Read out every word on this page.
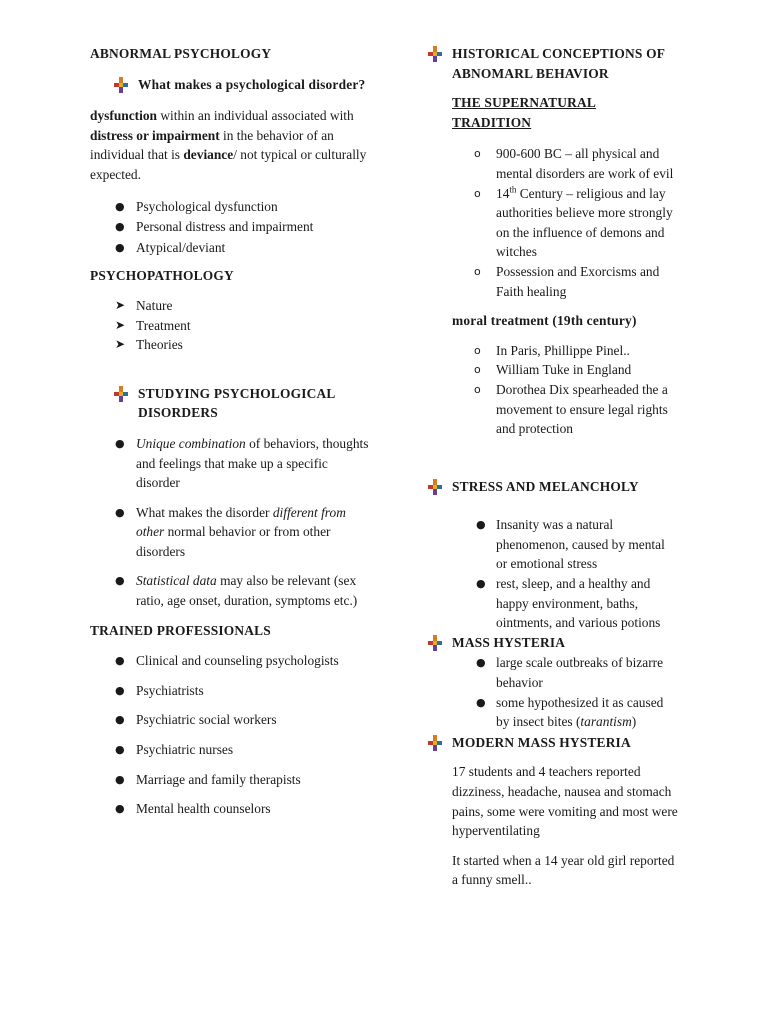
ABNORMAL PSYCHOLOGY
What makes a psychological disorder?

dysfunction within an individual associated with distress or impairment in the behavior of an individual that is deviance/ not typical or culturally expected.

● Psychological dysfunction
● Personal distress and impairment
● Atypical/deviant
PSYCHOPATHOLOGY
➤ Nature
➤ Treatment
➤ Theories
STUDYING PSYCHOLOGICAL DISORDERS
● Unique combination of behaviors, thoughts and feelings that make up a specific disorder
● What makes the disorder different from other normal behavior or from other disorders
● Statistical data may also be relevant (sex ratio, age onset, duration, symptoms etc.)
TRAINED PROFESSIONALS
● Clinical and counseling psychologists
● Psychiatrists
● Psychiatric social workers
● Psychiatric nurses
● Marriage and family therapists
● Mental health counselors
HISTORICAL CONCEPTIONS OF ABNOMARL BEHAVIOR
THE SUPERNATURAL TRADITION
o 900-600 BC – all physical and mental disorders are work of evil
o 14th Century – religious and lay authorities believe more strongly on the influence of demons and witches
o Possession and Exorcisms and Faith healing
moral treatment (19th century)
o In Paris, Phillippe Pinel..
o William Tuke in England
o Dorothea Dix spearheaded the a movement to ensure legal rights and protection
STRESS AND MELANCHOLY
● Insanity was a natural phenomenon, caused by mental or emotional stress
● rest, sleep, and a healthy and happy environment, baths, ointments, and various potions
MASS HYSTERIA
● large scale outbreaks of bizarre behavior
● some hypothesized it as caused by insect bites (tarantism)
MODERN MASS HYSTERIA

17 students and 4 teachers reported dizziness, headache, nausea and stomach pains, some were vomiting and most were hyperventilating

It started when a 14 year old girl reported a funny smell..
